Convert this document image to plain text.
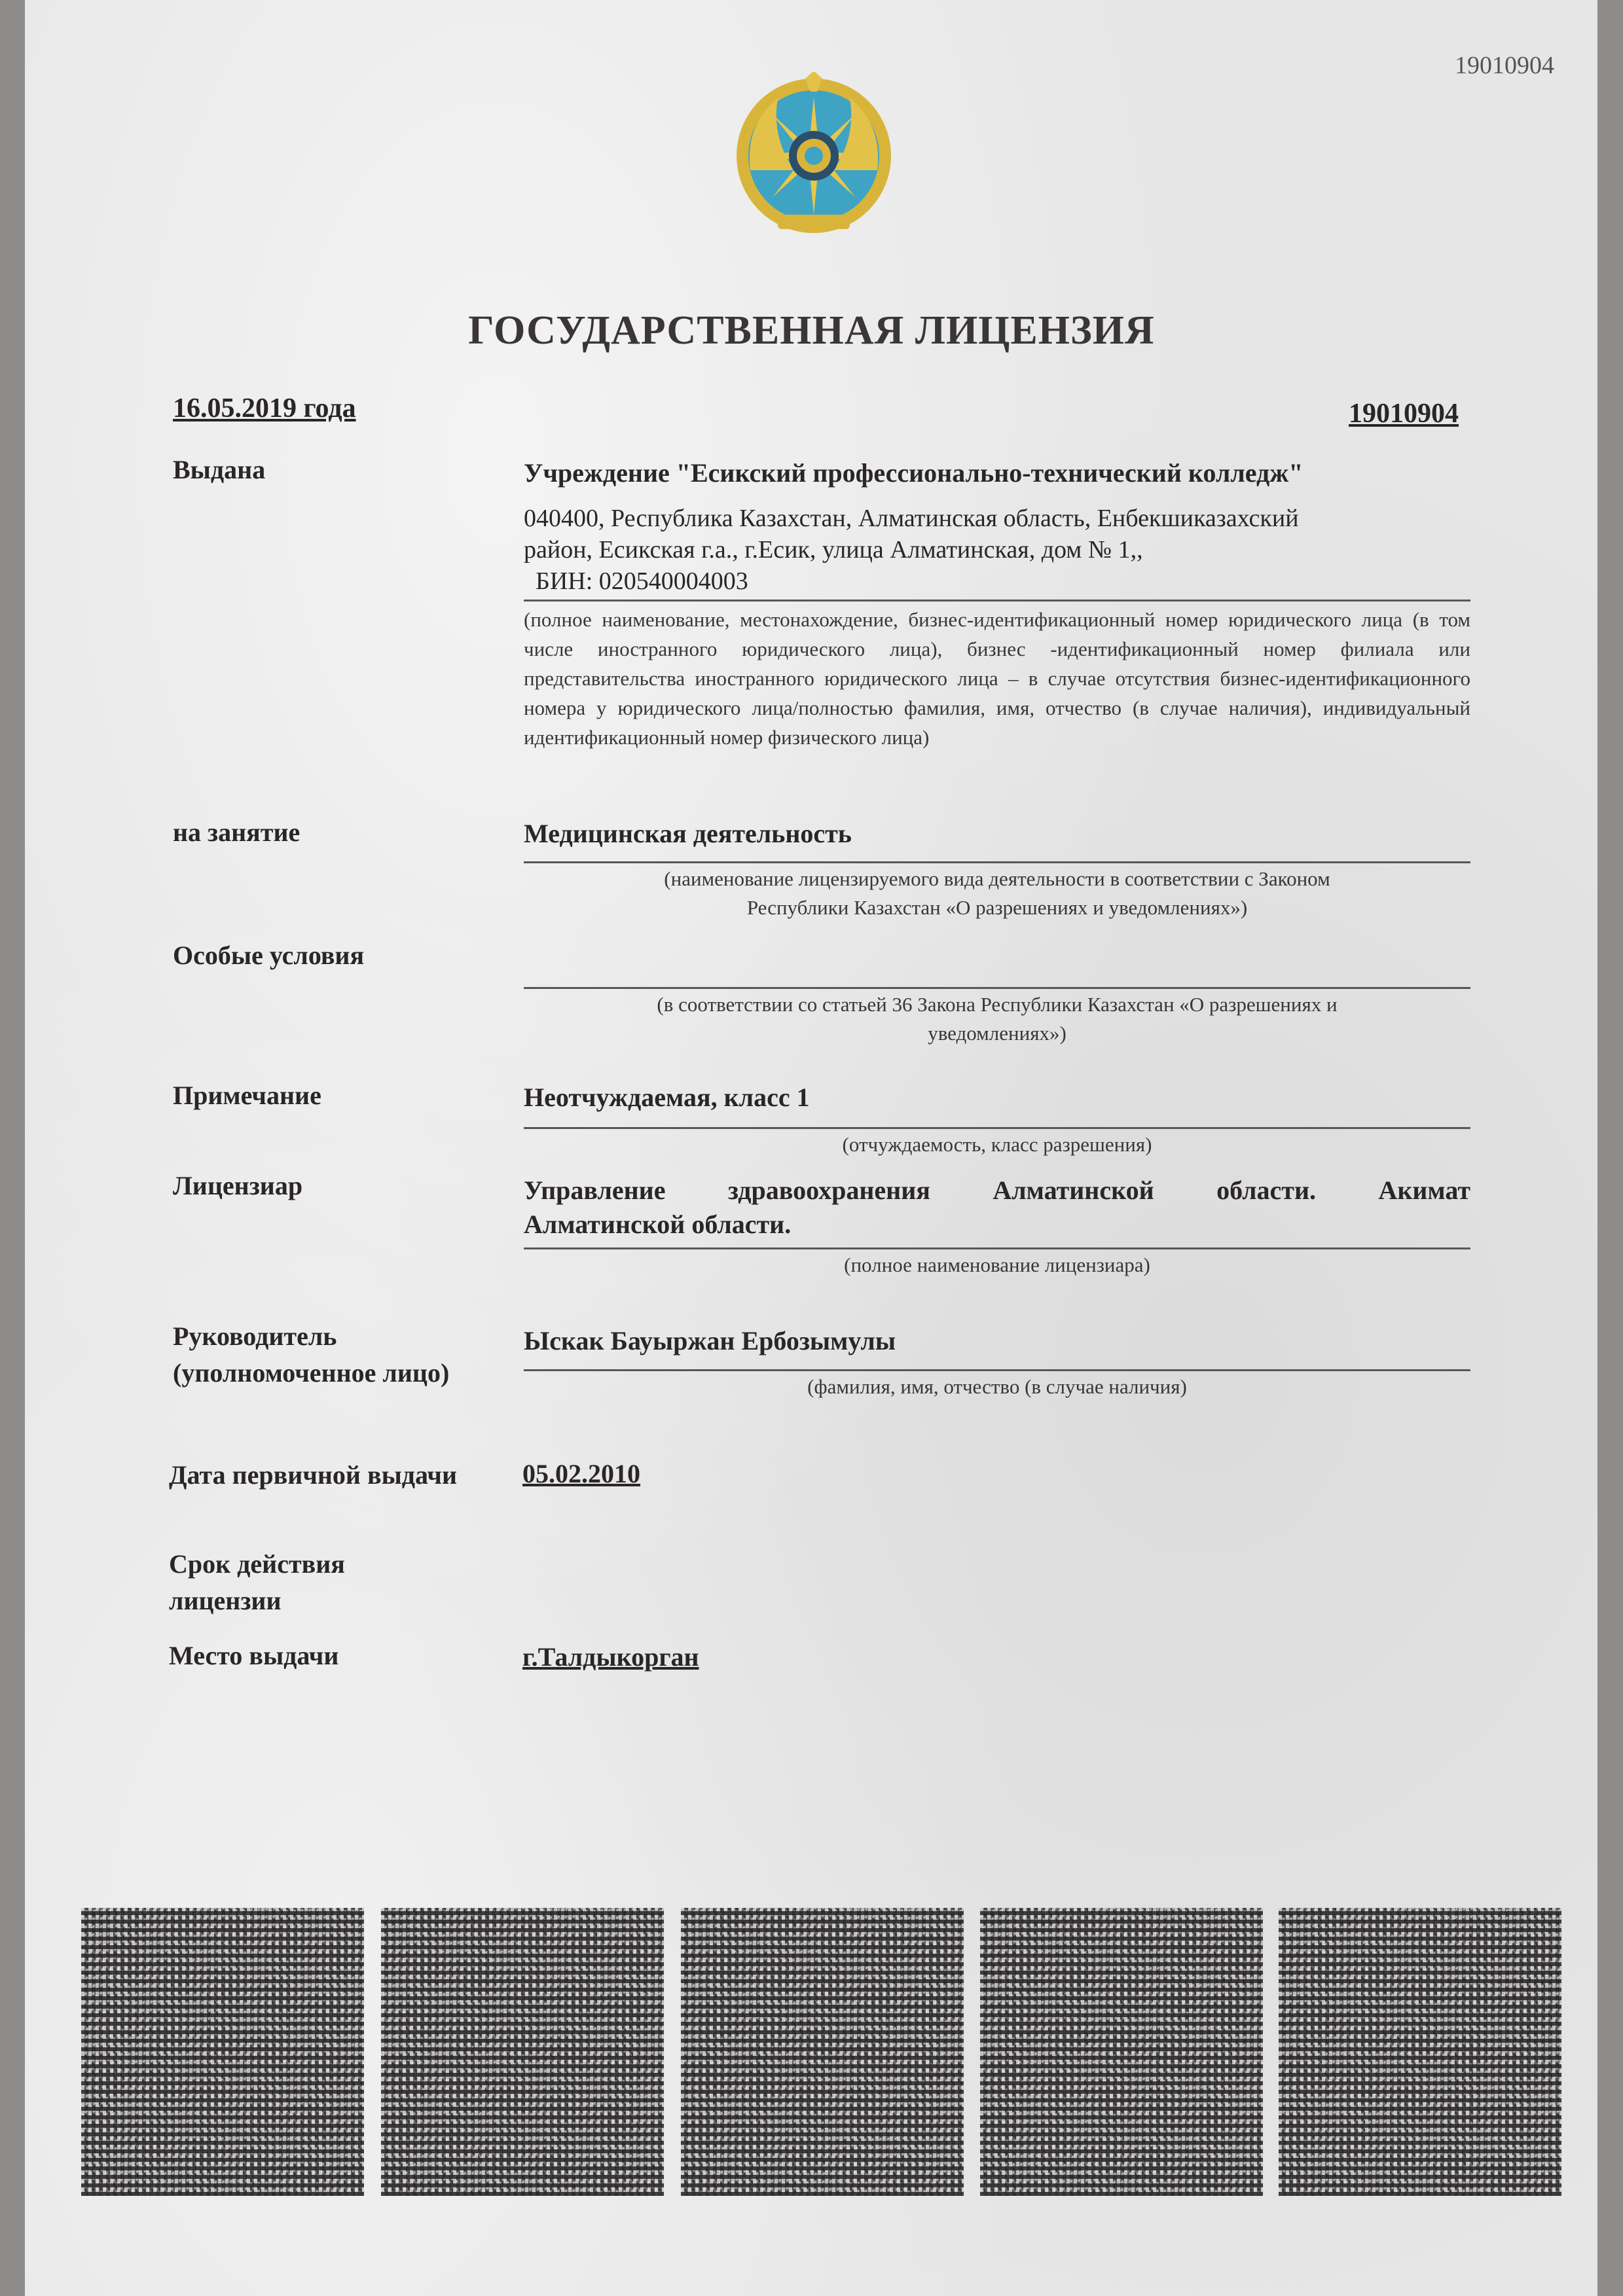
19010904
ГОСУДАРСТВЕННАЯ ЛИЦЕНЗИЯ
16.05.2019 года	19010904
Выдана	Учреждение "Есикский профессионально-технический колледж"
040400, Республика Казахстан, Алматинская область, Енбекшиказахский
район, Есикская г.а., г.Есик, улица Алматинская, дом № 1,,
БИН: 020540004003
(полное наименование, местонахождение, бизнес-идентификационный номер юридического лица (в том числе иностранного юридического лица), бизнес -идентификационный номер филиала или представительства иностранного юридического лица – в случае отсутствия бизнес-идентификационного номера у юридического лица/полностью фамилия, имя, отчество (в случае наличия), индивидуальный идентификационный номер физического лица)
на занятие	Медицинская деятельность
(наименование лицензируемого вида деятельности в соответствии с Законом
Республики Казахстан «О разрешениях и уведомлениях»)
Особые условия
(в соответствии со статьей 36 Закона Республики Казахстан «О разрешениях и
уведомлениях»)
Примечание	Неотчуждаемая, класс 1
(отчуждаемость, класс разрешения)
Лицензиар	Управление здравоохранения Алматинской области. Акимат
Алматинской области.
(полное наименование лицензиара)
Руководитель
(уполномоченное лицо)
Ыскак Бауыржан Ербозымулы
(фамилия, имя, отчество (в случае наличия)
Дата первичной выдачи 05.02.2010
Срок действия
лицензии
Место выдачи	г.Талдыкорган
